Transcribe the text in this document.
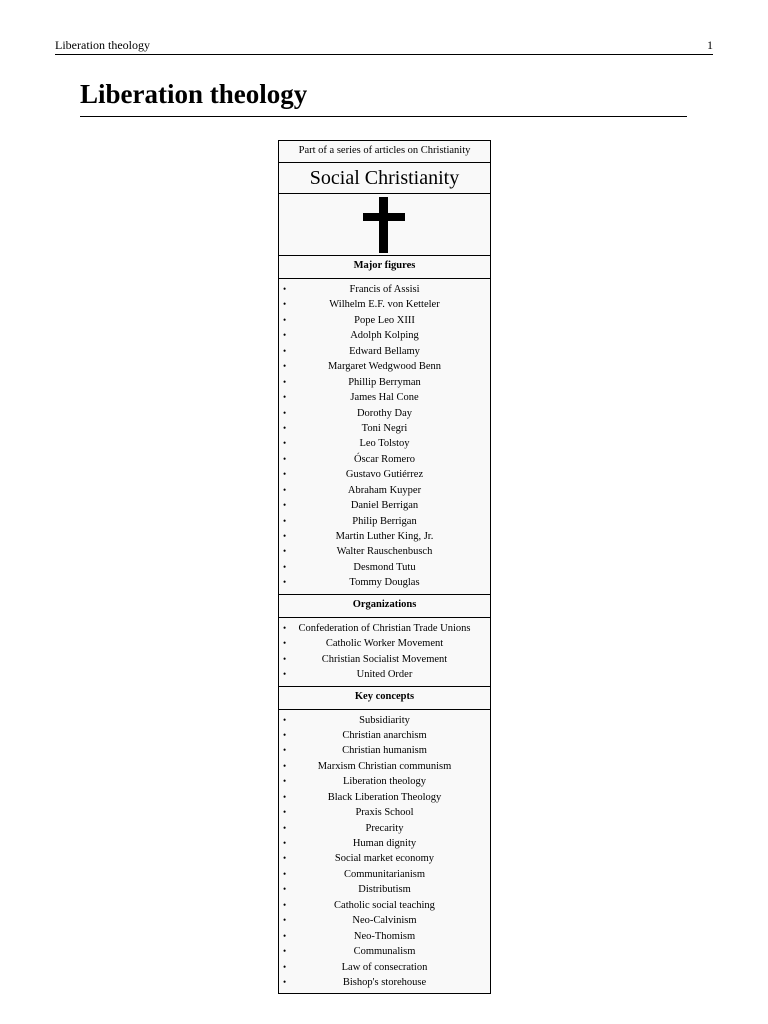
Liberation theology	1
Liberation theology
Part of a series of articles on Christianity
Social Christianity
Major figures
•	Francis of Assisi
•	Wilhelm E.F. von Ketteler
•	Pope Leo XIII
•	Adolph Kolping
•	Edward Bellamy
•	Margaret Wedgwood Benn
•	Phillip Berryman
•	James Hal Cone
•	Dorothy Day
•	Toni Negri
•	Leo Tolstoy
•	Óscar Romero
•	Gustavo Gutiérrez
•	Abraham Kuyper
•	Daniel Berrigan
•	Philip Berrigan
•	Martin Luther King, Jr.
•	Walter Rauschenbusch
•	Desmond Tutu
•	Tommy Douglas
Organizations
• Confederation of Christian Trade Unions
•	Catholic Worker Movement
•	Christian Socialist Movement
•	United Order
Key concepts
•	Subsidiarity
•	Christian anarchism
•	Christian humanism
•	Marxism Christian communism
•	Liberation theology
•	Black Liberation Theology
•	Praxis School
•	Precarity
•	Human dignity
•	Social market economy
•	Communitarianism
•	Distributism
•	Catholic social teaching
•	Neo-Calvinism
•	Neo-Thomism
•	Communalism
•	Law of consecration
•	Bishop's storehouse
